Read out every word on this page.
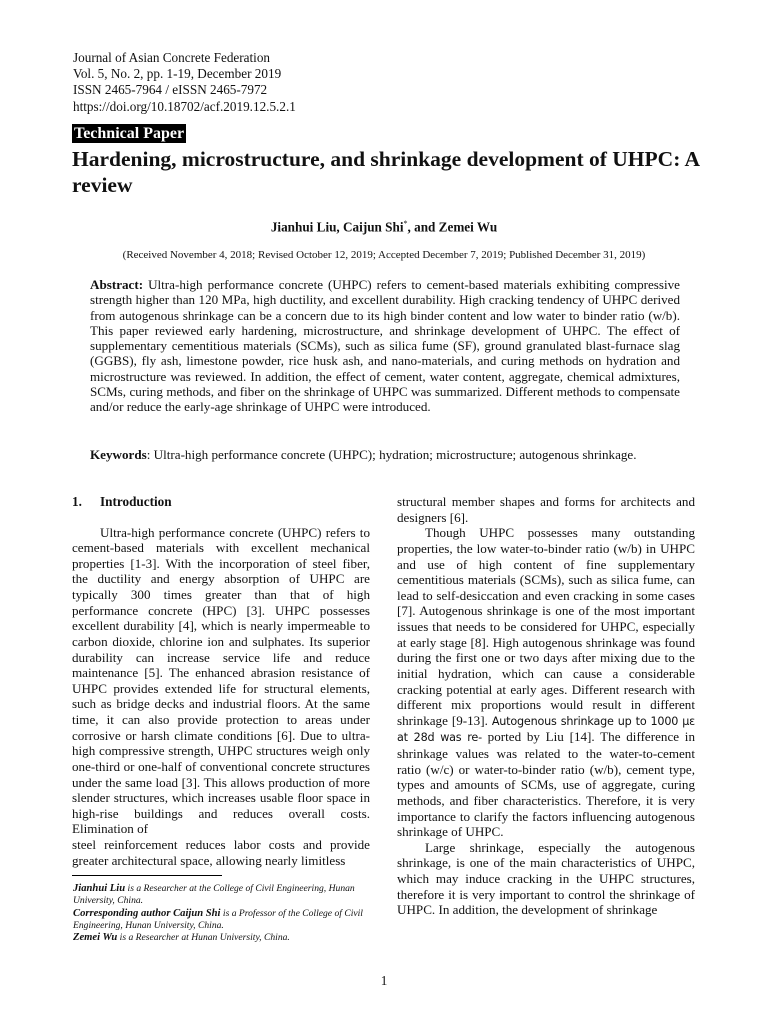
Journal of Asian Concrete Federation
Vol. 5, No. 2, pp. 1-19, December 2019
ISSN 2465-7964 / eISSN 2465-7972
https://doi.org/10.18702/acf.2019.12.5.2.1
Technical Paper
Hardening, microstructure, and shrinkage development of UHPC: A review
Jianhui Liu, Caijun Shi*, and Zemei Wu
(Received November 4, 2018; Revised October 12, 2019; Accepted December 7, 2019; Published December 31, 2019)

Abstract: Ultra-high performance concrete (UHPC) refers to cement-based materials exhibiting compressive strength higher than 120 MPa, high ductility, and excellent durability. High cracking tendency of UHPC derived from autogenous shrinkage can be a concern due to its high binder content and low water to binder ratio (w/b). This paper reviewed early hardening, microstructure, and shrinkage development of UHPC. The effect of supplementary cementitious materials (SCMs), such as silica fume (SF), ground granulated blast-furnace slag (GGBS), fly ash, limestone powder, rice husk ash, and nano-materials, and curing methods on hydration and microstructure was reviewed. In addition, the effect of cement, water content, aggregate, chemical admixtures, SCMs, curing methods, and fiber on the shrinkage of UHPC was summarized. Different methods to compensate and/or reduce the early-age shrinkage of UHPC were introduced.

Keywords: Ultra-high performance concrete (UHPC); hydration; microstructure; autogenous shrinkage.

1. Introduction

Ultra-high performance concrete (UHPC) refers to cement-based materials with excellent mechanical properties [1-3]. With the incorporation of steel fiber, the ductility and energy absorption of UHPC are typically 300 times greater than that of high performance concrete (HPC) [3]. UHPC possesses excellent durability [4], which is nearly impermeable to carbon dioxide, chlorine ion and sulphates. Its superior durability can increase service life and reduce maintenance [5]. The enhanced abrasion resistance of UHPC provides extended life for structural elements, such as bridge decks and industrial floors. At the same time, it can also provide protection to areas under corrosive or harsh climate conditions [6]. Due to ultra-high compressive strength, UHPC structures weigh only one-third or one-half of conventional concrete structures under the same load [3]. This allows production of more slender structures, which increases usable floor space in high-rise buildings and reduces overall costs. Elimination of

steel reinforcement reduces labor costs and provide greater architectural space, allowing nearly limitless

structural member shapes and forms for architects and designers [6].

Though UHPC possesses many outstanding properties, the low water-to-binder ratio (w/b) in UHPC and use of high content of fine supplementary cementitious materials (SCMs), such as silica fume, can lead to self-desiccation and even cracking in some cases [7]. Autogenous shrinkage is one of the most important issues that needs to be considered for UHPC, especially at early stage [8]. High autogenous shrinkage was found during the first one or two days after mixing due to the initial hydration, which can cause a considerable cracking potential at early ages. Different research with different mix proportions would result in different shrinkage [9-13]. Autogenous shrinkage up to 1000 με at 28d was re- ported by Liu [14]. The difference in shrinkage values was related to the water-to-cement ratio (w/c) or water-to-binder ratio (w/b), cement type, types and amounts of SCMs, use of aggregate, curing methods, and fiber characteristics. Therefore, it is very importance to clarify the factors influencing autogenous shrinkage of UHPC.

Large shrinkage, especially the autogenous shrinkage, is one of the main characteristics of UHPC, which may induce cracking in the UHPC structures, therefore it is very important to control the shrinkage of UHPC. In addition, the development of shrinkage

Jianhui Liu is a Researcher at the College of Civil Engineering, Hunan University, China.

Corresponding author Caijun Shi is a Professor of the College of Civil Engineering, Hunan University, China.

Zemei Wu is a Researcher at Hunan University, China.

1
